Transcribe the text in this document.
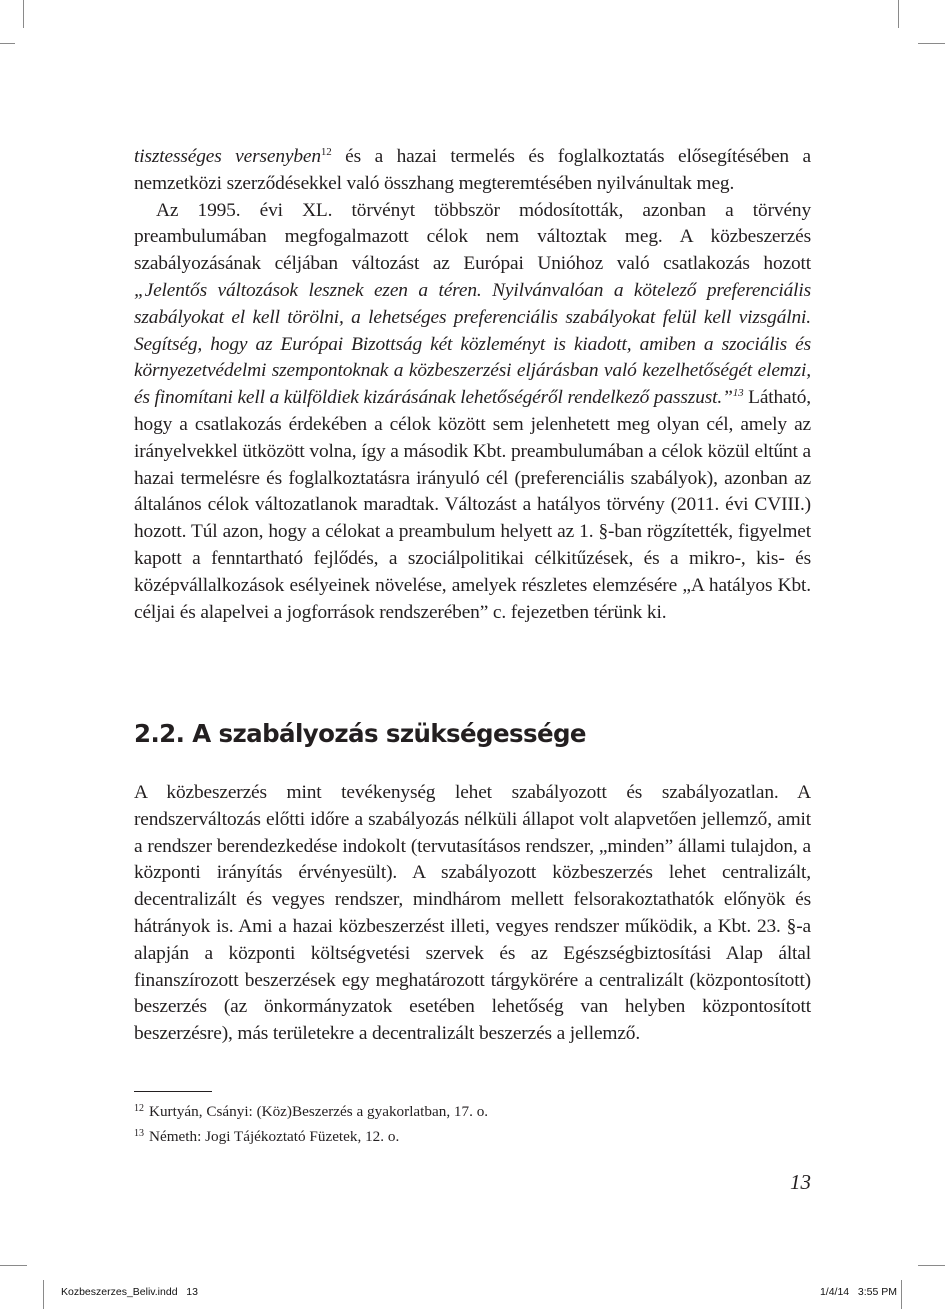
tisztességes versenyben$^{12}$ és a hazai termelés és foglalkoztatás elősegítésében a nemzetközi szerződésekkel való összhang megteremtésében nyilvánultak meg.

Az 1995. évi XL. törvényt többször módosították, azonban a törvény preambulumában megfogalmazott célok nem változtak meg. A közbeszerzés szabályozásának céljában változást az Európai Unióhoz való csatlakozás hozott „Jelentős változások lesznek ezen a téren. Nyilvánvalóan a kötelező preferenciális szabályokat el kell törölni, a lehetséges preferenciális szabályokat felül kell vizsgálni. Segítség, hogy az Európai Bizottság két közleményt is kiadott, amiben a szociális és környezetvédelmi szempontoknak a közbeszerzési eljárásban való kezelhetőségét elemzi, és finomítani kell a külföldiek kizárásának lehetőségéről rendelkező passzust.”$^{13}$ Látható, hogy a csatlakozás érdekében a célok között sem jelenhetett meg olyan cél, amely az irányelvekkel ütközött volna, így a második Kbt. preambulumában a célok közül eltűnt a hazai termelésre és foglalkoztatásra irányuló cél (preferenciális szabályok), azonban az általános célok változatlanok maradtak. Változást a hatályos törvény (2011. évi CVIII.) hozott. Túl azon, hogy a célokat a preambulum helyett az 1. §-ban rögzítették, figyelmet kapott a fenntartható fejlődés, a szociálpolitikai célkitűzések, és a mikro-, kis- és középvállalkozások esélyeinek növelése, amelyek részletes elemzésére „A hatályos Kbt. céljai és alapelvei a jogforrások rendszerében” c. fejezetben térünk ki.

2.2. A szabályozás szükségessége

A közbeszerzés mint tevékenység lehet szabályozott és szabályozatlan. A rendszerváltozás előtti időre a szabályozás nélküli állapot volt alapvetően jellemző, amit a rendszer berendezkedése indokolt (tervutasításos rendszer, „minden” állami tulajdon, a központi irányítás érvényesült). A szabályozott közbeszerzés lehet centralizált, decentralizált és vegyes rendszer, mindhárom mellett felsorakoztathatók előnyök és hátrányok is. Ami a hazai közbeszerzést illeti, vegyes rendszer működik, a Kbt. 23. §-a alapján a központi költségvetési szervek és az Egészségbiztosítási Alap által finanszírozott beszerzések egy meghatározott tárgykörére a centralizált (központosított) beszerzés (az önkormányzatok esetében lehetőség van helyben központosított beszerzésre), más területekre a decentralizált beszerzés a jellemző.

12 Kurtyán, Csányi: (Köz)Beszerzés a gyakorlatban, 17. o.
13 Németh: Jogi Tájékoztató Füzetek, 12. o.
13
Kozbeszerzes_Beliv.indd   13	1/4/14   3:55 PM
